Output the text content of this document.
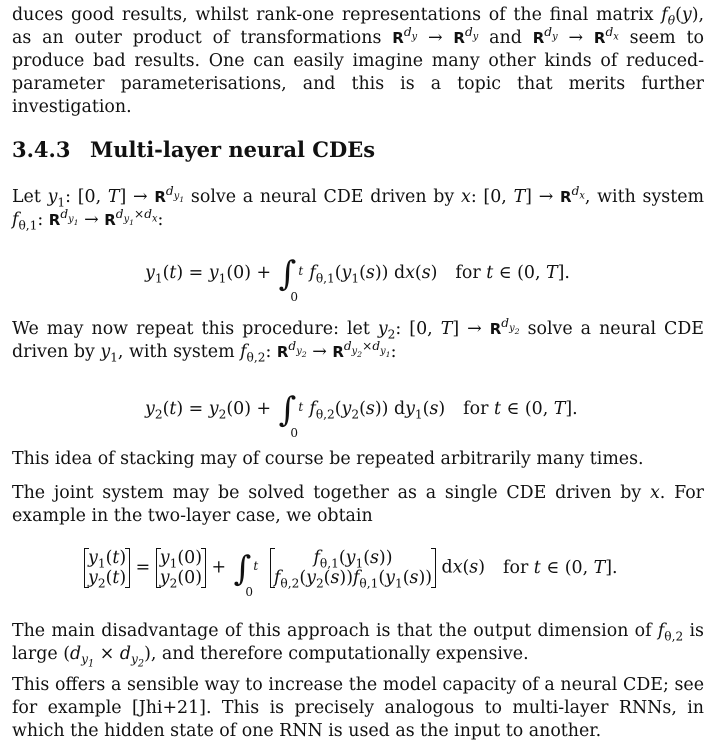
duces good results, whilst rank-one representations of the final matrix $f_\theta(y)$, as an outer product of transformations $R^{d_y} \to R^{d_y}$ and $R^{d_y} \to R^{d_x}$ seem to produce bad results. One can easily imagine many other kinds of reduced-parameter parameterisations, and this is a topic that merits further investigation.

3.4.3 Multi-layer neural CDEs

Let $y_1$: [0, $T] \to R^{d_{y_1}}$ solve a neural CDE driven by x: [0, $T] \to R^{d_x}$, with system $f_{\theta,1}$: $R^{d_{y_1}} \to R^{d_{y_1}\times d_x}$:

$y_1(t) = y_1(0)$ + ∫ t
0
$f_{\theta,1}(y_1(s))$ dx(s) for t ∈ (0, T].

We may now repeat this procedure: let $y_2$: [0, $T] \to R^{d_{y_2}}$ solve a neural CDE driven by $y_1$, with system $f_{\theta,2}$: $R^{d_{y_2}} \to R^{d_{y_2}\times d_{y_1}}$:

$y_2(t) = y_2(0)$ + ∫ t
0
$f_{\theta,2}(y_2(s))$ $dy_1(s)$ for t ∈ (0, T].

This idea of stacking may of course be repeated arbitrarily many times.

The joint system may be solved together as a single CDE driven by x. For example in the two-layer case, we obtain

$y_1(t)$
$y_2(t)$
= $y_1(0)$
$y_2(0)$
+ ∫ t
0

$f_{\theta,1}(y_1(s))$
$f_{\theta,2}(y_2(s))f_{\theta,1}(y_1(s))$
dx(s) for t ∈ (0, T].

The main disadvantage of this approach is that the output dimension of $f_{\theta,2}$ is large $(d_{y_1} \times d_{y_2})$, and therefore computationally expensive.

This offers a sensible way to increase the model capacity of a neural CDE; see for example [Jhi+21]. This is precisely analogous to multi-layer RNNs, in which the hidden state of one RNN is used as the input to another.
